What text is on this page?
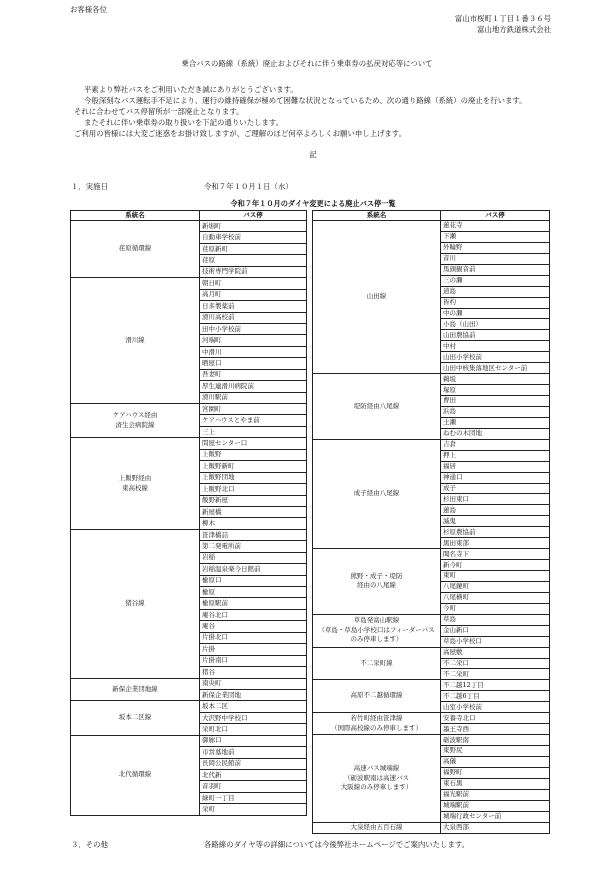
お客様各位
富山市桜町１丁目１番３６号
富山地方鉄道株式会社
乗合バスの路線（系統）廃止およびそれに伴う乗車券の払戻対応等について

平素より弊社バスをご利用いただき誠にありがとうございます。

今般深刻なバス運転手不足により、運行の維持確保が極めて困難な状況となっているため、次の通り路線（系統）の廃止を行います。

それに合わせてバス停留所が一部廃止となります。

またそれに伴い乗車券の取り扱いを下記の通りいたします。

ご利用の皆様には大変ご迷惑をお掛け致しますが、ご理解のほど何卒よろしくお願い申し上げます。

記
１．実施日	令和７年１０月１日（水）
令和７年１０月のダイヤ変更による廃止バス停一覧
系統名	バス停

荏原循環線	新堀町
	自動車学校前
	荏原新町
	荏原
	技術専門学院前

滑川線	朝日町
	高月町
	日多製薬前
	滑川高校前
	田中小学校前
	河端町
	中滑川
	晒屋口
	吾妻町
	厚生連滑川病院前
	滑川駅前

ケアハウス経由
済生会病院線	宮園町
	ケアハウスとやま前
	三上

上飯野経由
東高校線	問屋センター口
	上飯野
	上飯野新町
	上飯野団地
	上飯野北口
	飯野新屋
	新屋橋
	柳木

猪谷線	笹津橋詰
	第二発電所前
	岩稲
	岩稲温泉楽今日館前
	楡原口
	楡原
	楡原駅前
	庵谷北口
	庵谷
	片掛北口
	片掛
	片掛南口
	猪谷

新保企業団地線	南央町
	新保企業団地

坂本二区線	坂本二区
	大沢野中学校口
	栄町北口

北代循環線	御廊口
	市営墓地前
	長岡公民館前
	北代新
	音羽町
	緑町一丁目
	栄町
系統名	バス停

山田線	蓮花寺
	下瀬
	外輪野
	音川
	馬頭観音前
	三の瀬
	道島
	皆杓
	中の瀬
	小島（山田）
	山田農協前
	中村
	山田小学校前
	山田中核集落地区センター前

堤防経由八尾線	鵜坂
	塚原
	曹田
	浜島
	土瀬
	ねむの木団地

成子経由八尾線	吉倉
	押上
	福居
	神通口
	成子
	杉田東口
	蓮島
	滅鬼
	杉原農協前
	黒田東部

熊野・成子・堤防
経由の八尾線	聞名寺下
	新今町
	東町
	八尾鏡町
	八尾横町
	今町

草島発富山駅線
（草島・草島小学校口はフィーダーバス
のみ停車します）	草島
	金山新口
	草島小学校口

不二栄町線	高屋敷
	不二栄口
	不二栄町

高原不二越循環線	不二越12丁目
	不二越6丁目
	山室小学校前

若竹町経由笹津線
（国際高校線のみ停車します）	安養寺北口
	墨王寺西

高速バス城端線
（砺波駅南は高速バス
大阪線のみ停車します）	砺波駅南
	東野尻
	高儀
	福野町
	東石黒
	福光駅前
	城端駅前
	城端行政センター前

大泉経由五百石線	大泉西部
３．その他	各路線のダイヤ等の詳細については今後弊社ホームページでご案内いたします。
